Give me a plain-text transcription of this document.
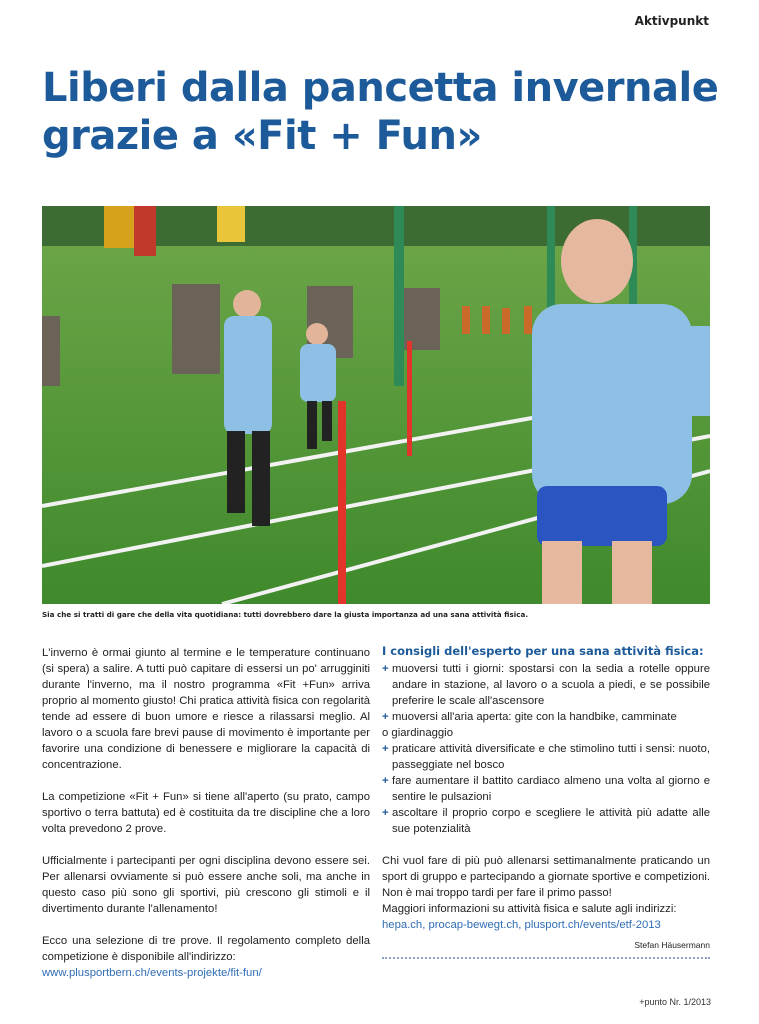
Aktivpunkt
Liberi dalla pancetta invernale
grazie a «Fit + Fun»
Sia che si tratti di gare che della vita quotidiana: tutti dovrebbero dare la giusta importanza ad una sana attività fisica.

L'inverno è ormai giunto al termine e le temperature continuano (si spera) a salire. A tutti può capitare di essersi un po' arrugginiti durante l'inverno, ma il nostro programma «Fit +Fun» arriva proprio al momento giusto! Chi pratica attività fisica con regolarità tende ad essere di buon umore e riesce a rilassarsi meglio. Al lavoro o a scuola fare brevi pause di movimento è importante per favorire una condizione di benessere e migliorare la capacità di concentrazione.

La competizione «Fit + Fun» si tiene all'aperto (su prato, campo sportivo o terra battuta) ed è costituita da tre discipline che a loro volta prevedono 2 prove.

Ufficialmente i partecipanti per ogni disciplina devono essere sei. Per allenarsi ovviamente si può essere anche soli, ma anche in questo caso più sono gli sportivi, più crescono gli stimoli e il divertimento durante l'allenamento!

Ecco una selezione di tre prove. Il regolamento completo della competizione è disponibile all'indirizzo:
www.plusportbern.ch/events-projekte/fit-fun/

I consigli dell'esperto per una sana attività fisica:
+ muoversi tutti i giorni: spostarsi con la sedia a rotelle oppure andare in stazione, al lavoro o a scuola a piedi, e se possibile preferire le scale all'ascensore
+ muoversi all'aria aperta: gite con la handbike, camminate
o giardinaggio
+ praticare attività diversificate e che stimolino tutti i sensi: nuoto, passeggiate nel bosco
+ fare aumentare il battito cardiaco almeno una volta al giorno e sentire le pulsazioni
+ ascoltare il proprio corpo e scegliere le attività più adatte alle sue potenzialità
Chi vuol fare di più può allenarsi settimanalmente praticando un sport di gruppo e partecipando a giornate sportive e competizioni. Non è mai troppo tardi per fare il primo passo!
Maggiori informazioni su attività fisica e salute agli indirizzi:
hepa.ch, procap-bewegt.ch, plusport.ch/events/etf-2013
Stefan Häusermann
+punto Nr. 1/2013
